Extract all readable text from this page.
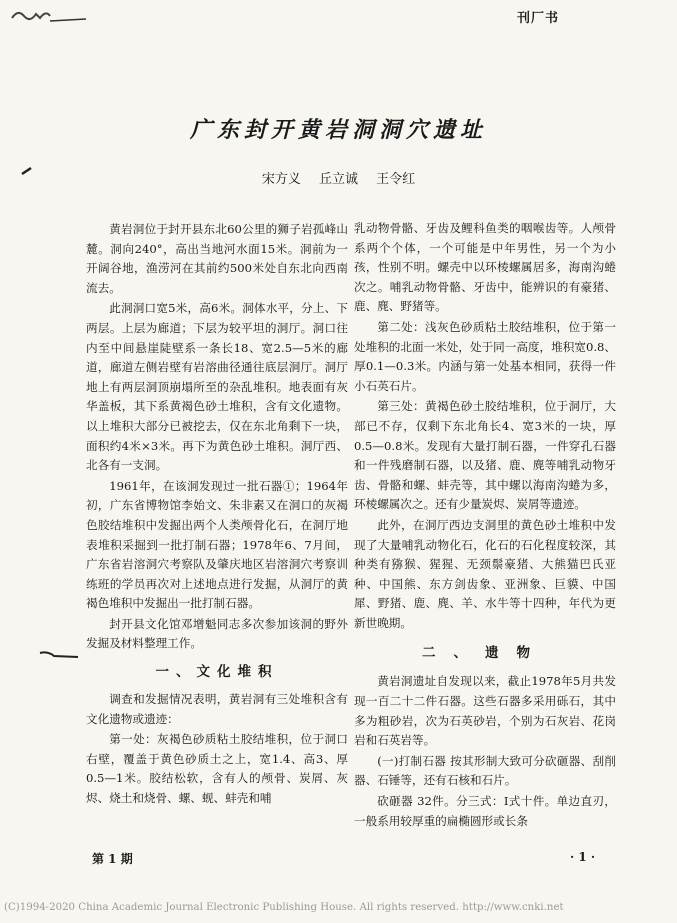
刊厂书
广东封开黄岩洞洞穴遗址
宋方义 丘立诚 王令红

黄岩洞位于封开县东北60公里的狮子岩孤峰山麓。洞向240°，高出当地河水面15米。洞前为一开阔谷地，渔涝河在其前约500米处自东北向西南流去。

此洞洞口宽5米，高6米。洞体水平，分上、下两层。上层为廊道；下层为较平坦的洞厅。洞口往内至中间悬崖陡壁系一条长18、宽2.5—5米的廊道，廊道左侧岩壁有岩溶曲径通往底层洞厅。洞厅地上有两层洞顶崩塌所至的杂乱堆积。地表面有灰华盖板，其下系黄褐色砂土堆积，含有文化遗物。以上堆积大部分已被挖去，仅在东北角剩下一块，面积约4米×3米。再下为黄色砂土堆积。洞厅西、北各有一支洞。

1961年，在该洞发现过一批石器①；1964年初，广东省博物馆李始文、朱非素又在洞口的灰褐色胶结堆积中发掘出两个人类颅骨化石，在洞厅地表堆积采掘到一批打制石器；1978年6、7月间，广东省岩溶洞穴考察队及肇庆地区岩溶洞穴考察训练班的学员再次对上述地点进行发掘，从洞厅的黄褐色堆积中发掘出一批打制石器。

封开县文化馆邓增魁同志多次参加该洞的野外发掘及材料整理工作。

一、文化堆积

调查和发掘情况表明，黄岩洞有三处堆积含有文化遗物或遗迹：

第一处：灰褐色砂质粘土胶结堆积，位于洞口右壁，覆盖于黄色砂质土之上，宽1.4、高3、厚0.5—1米。胶结松软，含有人的颅骨、炭屑、灰烬、烧土和烧骨、螺、蚬、蚌壳和哺

乳动物骨骼、牙齿及鲤科鱼类的咽喉齿等。人颅骨系两个个体，一个可能是中年男性，另一个为小孩，性别不明。螺壳中以环棱螺属居多，海南沟蜷次之。哺乳动物骨骼、牙齿中，能辨识的有豪猪、鹿、麂、野猪等。

第二处：浅灰色砂质粘土胶结堆积，位于第一处堆积的北面一米处，处于同一高度，堆积宽0.8、厚0.1—0.3米。内涵与第一处基本相同，获得一件小石英石片。

第三处：黄褐色砂土胶结堆积，位于洞厅，大部已不存，仅剩下东北角长4、宽3米的一块，厚0.5—0.8米。发现有大量打制石器，一件穿孔石器和一件残磨制石器，以及猪、鹿、麂等哺乳动物牙齿、骨骼和螺、蚌壳等，其中螺以海南沟蜷为多，环棱螺属次之。还有少量炭烬、炭屑等遗迹。

此外，在洞厅西边支洞里的黄色砂土堆积中发现了大量哺乳动物化石，化石的石化程度较深，其种类有猕猴、猩猩、无颈鬃豪猪、大熊猫巴氏亚种、中国熊、东方剑齿象、亚洲象、巨貘、中国犀、野猪、鹿、麂、羊、水牛等十四种，年代为更新世晚期。

二、遗物

黄岩洞遗址自发现以来，截止1978年5月共发现一百二十二件石器。这些石器多采用砾石，其中多为粗砂岩，次为石英砂岩，个别为石灰岩、花岗岩和石英岩等。

(一)打制石器 按其形制大致可分砍砸器、刮削器、石锤等，还有石核和石片。

砍砸器 32件。分三式：Ⅰ式十件。单边直刃，一般系用较厚重的扁椭圆形或长条

第 1 期	· 1 ·
(C)1994-2020 China Academic Journal Electronic Publishing House. All rights reserved. http://www.cnki.net
